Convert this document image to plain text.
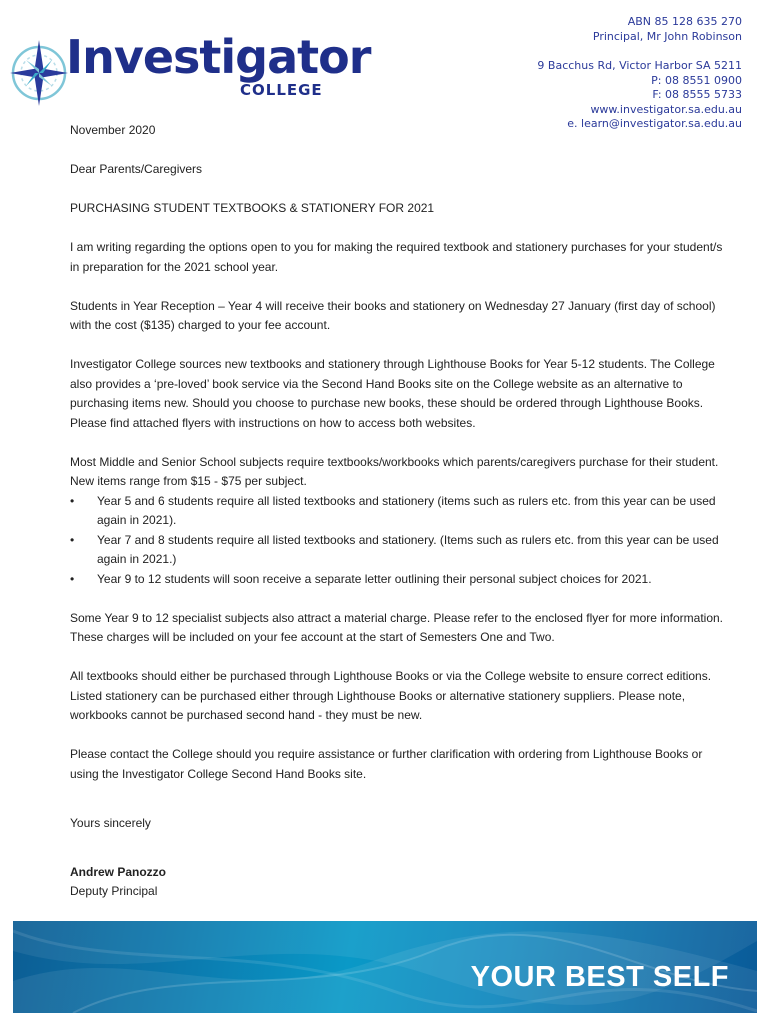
Investigator
COLLEGE
ABN 85 128 635 270
Principal, Mr John Robinson
9 Bacchus Rd, Victor Harbor SA 5211
P: 08 8551 0900
F: 08 8555 5733
www.investigator.sa.edu.au
e. learn@investigator.sa.edu.au

November 2020

Dear Parents/Caregivers

PURCHASING STUDENT TEXTBOOKS & STATIONERY FOR 2021

I am writing regarding the options open to you for making the required textbook and stationery purchases for your student/s in preparation for the 2021 school year.

Students in Year Reception – Year 4 will receive their books and stationery on Wednesday 27 January (first day of school) with the cost ($135) charged to your fee account.

Investigator College sources new textbooks and stationery through Lighthouse Books for Year 5-12 students. The College also provides a ‘pre-loved’ book service via the Second Hand Books site on the College website as an alternative to purchasing items new. Should you choose to purchase new books, these should be ordered through Lighthouse Books. Please find attached flyers with instructions on how to access both websites.

Most Middle and Senior School subjects require textbooks/workbooks which parents/caregivers purchase for their student. New items range from $15 - $75 per subject.

• Year 5 and 6 students require all listed textbooks and stationery (items such as rulers etc. from this year can be used again in 2021).
• Year 7 and 8 students require all listed textbooks and stationery. (Items such as rulers etc. from this year can be used again in 2021.)
• Year 9 to 12 students will soon receive a separate letter outlining their personal subject choices for 2021.

Some Year 9 to 12 specialist subjects also attract a material charge. Please refer to the enclosed flyer for more information. These charges will be included on your fee account at the start of Semesters One and Two.

All textbooks should either be purchased through Lighthouse Books or via the College website to ensure correct editions. Listed stationery can be purchased either through Lighthouse Books or alternative stationery suppliers. Please note, workbooks cannot be purchased second hand - they must be new.

Please contact the College should you require assistance or further clarification with ordering from Lighthouse Books or using the Investigator College Second Hand Books site.

Yours sincerely
Andrew Panozzo
Deputy Principal
YOUR BEST SELF
